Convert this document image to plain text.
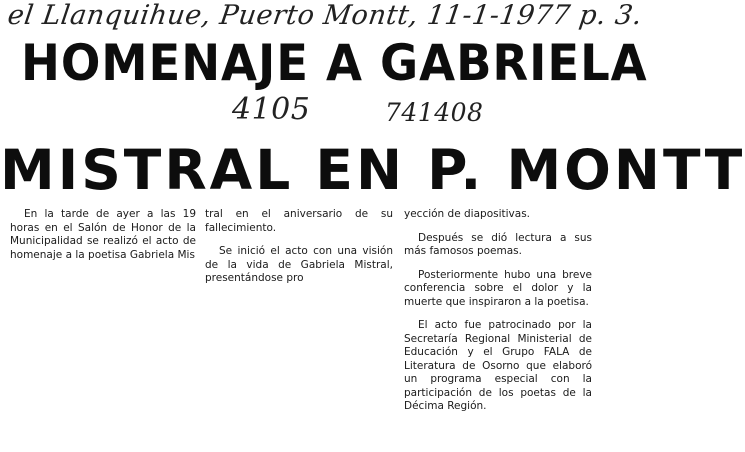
el Llanquihue, Puerto Montt, 11-1-1977 p. 3.
HOMENAJE A GABRIELA
4105	741408
MISTRAL EN P. MONTT

En la tarde de ayer a las 19 horas en el Salón de Honor de la Municipalidad se realizó el acto de homenaje a la poetisa Gabriela Mis

tral en el aniversario de su fallecimiento.

Se inició el acto con una visión de la vida de Gabriela Mistral, presentándose pro

yección de diapositivas.

Después se dió lectura a sus más famosos poemas.

Posteriormente hubo una breve conferencia sobre el dolor y la muerte que inspiraron a la poetisa.

El acto fue patrocinado por la Secretaría Regional Ministerial de Educación y el Grupo FALA de Literatura de Osorno que elaboró un programa especial con la participación de los poetas de la Décima Región.
